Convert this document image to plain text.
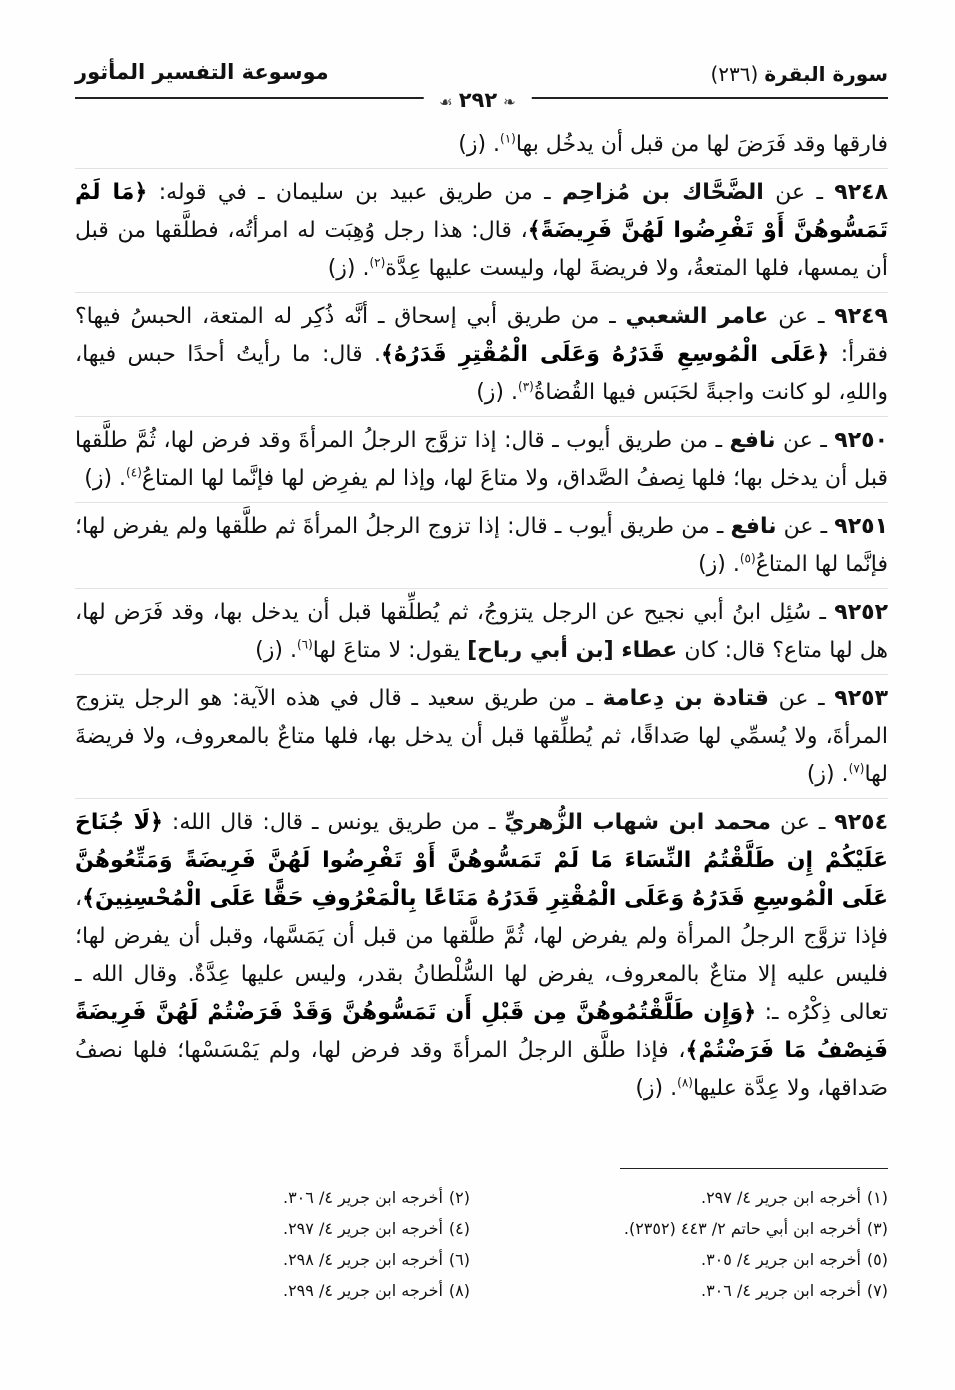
سورة البقرة(٢٣٦)
موسوعة التفسير المأثور
❧٢٩٢☙
فارقها وقد فَرَضَ لها من قبل أن يدخُل بها$^{(١)}$. (ز)
٩٢٤٨ ـ عن الضَّحَّاك بن مُزاحِم ـ من طريق عبيد بن سليمان ـ في قوله: ﴿مَا لَمْ تَمَسُّوهُنَّ أَوْ تَفْرِضُوا لَهُنَّ فَرِيضَةً﴾، قال: هذا رجل وُهِبَت له امرأتُه، فطلَّقها من قبل أن يمسها، فلها المتعةُ، ولا فريضةَ لها، وليست عليها عِدَّة$^{(٢)}$. (ز)
٩٢٤٩ ـ عن عامر الشعبي ـ من طريق أبي إسحاق ـ أنَّه ذُكِر له المتعة، الحبسُ فيها؟ فقرأ: ﴿عَلَى الْمُوسِعِ قَدَرُهُ وَعَلَى الْمُقْتِرِ قَدَرُهُ﴾. قال: ما رأيتُ أحدًا حبس فيها، واللهِ، لو كانت واجبةً لحَبَس فيها القُضاةُ$^{(٣)}$. (ز)
٩٢٥٠ ـ عن نافع ـ من طريق أيوب ـ قال: إذا تزوَّج الرجلُ المرأةَ وقد فرض لها، ثُمَّ طلَّقها قبل أن يدخل بها؛ فلها نِصفُ الصَّداق، ولا متاعَ لها، وإذا لم يفرِض لها فإنَّما لها المتاعُ$^{(٤)}$. (ز)
٩٢٥١ ـ عن نافع ـ من طريق أيوب ـ قال: إذا تزوج الرجلُ المرأةَ ثم طلَّقها ولم يفرض لها؛ فإنَّما لها المتاعُ$^{(٥)}$. (ز)
٩٢٥٢ ـ سُئِل ابنُ أبي نجيح عن الرجل يتزوجُ، ثم يُطلِّقها قبل أن يدخل بها، وقد فَرَض لها، هل لها متاع؟ قال: كان عطاء [بن أبي رباح] يقول: لا متاعَ لها$^{(٦)}$. (ز)
٩٢٥٣ ـ عن قتادة بن دِعامة ـ من طريق سعيد ـ قال في هذه الآية: هو الرجل يتزوج المرأةَ، ولا يُسمِّي لها صَداقًا، ثم يُطلِّقها قبل أن يدخل بها، فلها متاعٌ بالمعروف، ولا فريضةَ لها$^{(٧)}$. (ز)
٩٢٥٤ ـ عن محمد ابن شهاب الزُّهريِّ ـ من طريق يونس ـ قال: قال الله: ﴿لَا جُنَاحَ عَلَيْكُمْ إِن طَلَّقْتُمُ النِّسَاءَ مَا لَمْ تَمَسُّوهُنَّ أَوْ تَفْرِضُوا لَهُنَّ فَرِيضَةً وَمَتِّعُوهُنَّ عَلَى الْمُوسِعِ قَدَرُهُ وَعَلَى الْمُقْتِرِ قَدَرُهُ مَتَاعًا بِالْمَعْرُوفِ حَقًّا عَلَى الْمُحْسِنِينَ﴾، فإذا تزوَّج الرجلُ المرأة ولم يفرض لها، ثُمَّ طلَّقها من قبل أن يَمَسَّها، وقبل أن يفرض لها؛ فليس عليه إلا متاعٌ بالمعروف، يفرض لها السُّلْطانُ بقدر، وليس عليها عِدَّةٌ. وقال الله ـ تعالى ذِكْرُه ـ: ﴿وَإِن طَلَّقْتُمُوهُنَّ مِن قَبْلِ أَن تَمَسُّوهُنَّ وَقَدْ فَرَضْتُمْ لَهُنَّ فَرِيضَةً فَنِصْفُ مَا فَرَضْتُمْ﴾، فإذا طلَّق الرجلُ المرأةَ وقد فرض لها، ولم يَمْسَسْها؛ فلها نصفُ صَداقها، ولا عِدَّة عليها$^{(٨)}$. (ز)
(١)أخرجه ابن جرير ٤/ ٢٩٧.
(٢)أخرجه ابن جرير ٤/ ٣٠٦.
(٣)أخرجه ابن أبي حاتم ٢/ ٤٤٣ (٢٣٥٢).
(٤)أخرجه ابن جرير ٤/ ٢٩٧.
(٥)أخرجه ابن جرير ٤/ ٣٠٥.
(٦)أخرجه ابن جرير ٤/ ٢٩٨.
(٧)أخرجه ابن جرير ٤/ ٣٠٦.
(٨)أخرجه ابن جرير ٤/ ٢٩٩.
